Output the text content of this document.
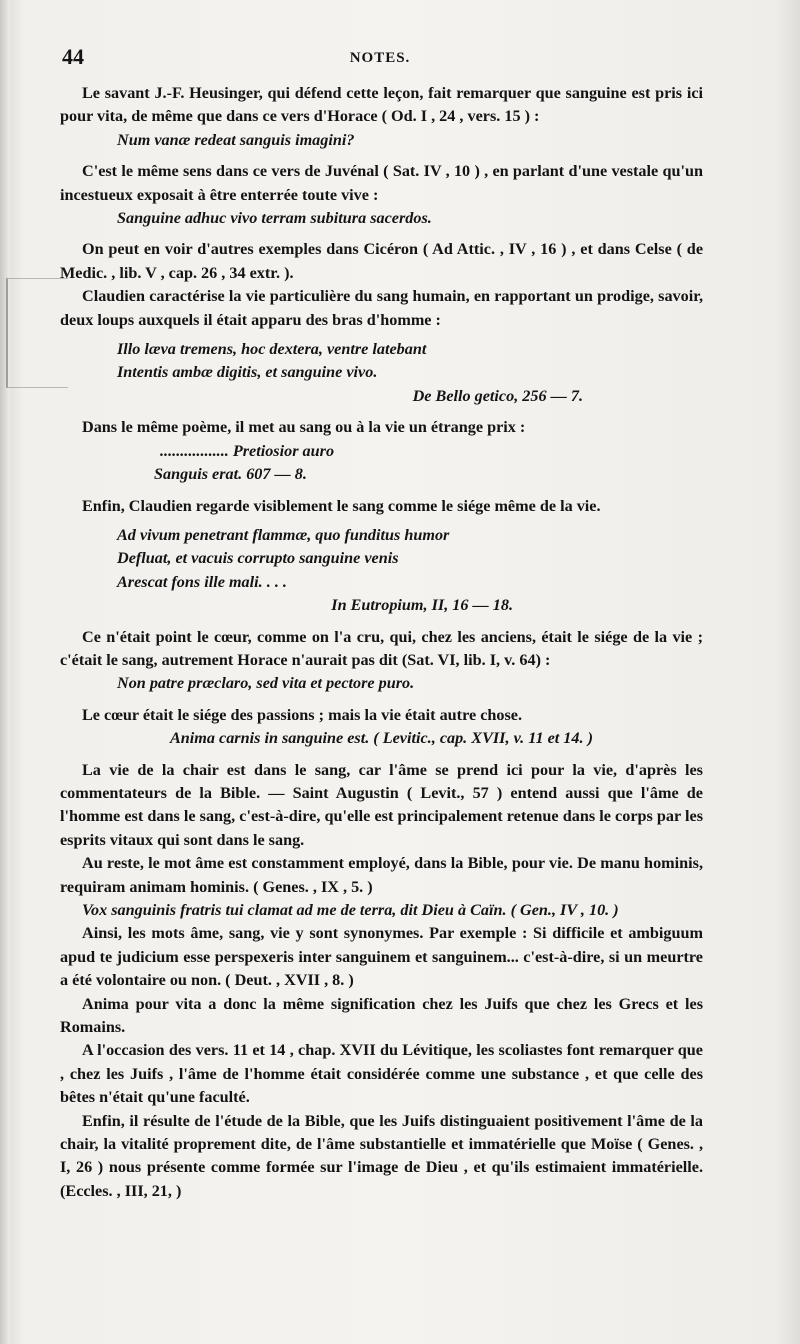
44	NOTES.

Le savant J.-F. Heusinger, qui défend cette leçon, fait remarquer que sanguine est pris ici pour vita, de même que dans ce vers d'Horace ( Od. I , 24 , vers. 15 ) :

Num vanæ redeat sanguis imagini?

C'est le même sens dans ce vers de Juvénal ( Sat. IV , 10 ) , en parlant d'une vestale qu'un incestueux exposait à être enterrée toute vive :

Sanguine adhuc vivo terram subitura sacerdos.

On peut en voir d'autres exemples dans Cicéron ( Ad Attic. , IV , 16 ) , et dans Celse ( de Medic. , lib. V , cap. 26 , 34 extr. ).

Claudien caractérise la vie particulière du sang humain, en rapportant un prodige, savoir, deux loups auxquels il était apparu des bras d'homme :

Illo læva tremens, hoc dextera, ventre latebant

Intentis ambæ digitis, et sanguine vivo.

De Bello getico, 256 — 7.

Dans le même poème, il met au sang ou à la vie un étrange prix :

................. Pretiosior auro

Sanguis erat. 607 — 8.

Enfin, Claudien regarde visiblement le sang comme le siége même de la vie.

Ad vivum penetrant flammæ, quo funditus humor

Defluat, et vacuis corrupto sanguine venis

Arescat fons ille mali. . . .

In Eutropium, II, 16 — 18.

Ce n'était point le cœur, comme on l'a cru, qui, chez les anciens, était le siége de la vie ; c'était le sang, autrement Horace n'aurait pas dit (Sat. VI, lib. I, v. 64) :

Non patre præclaro, sed vita et pectore puro.

Le cœur était le siége des passions ; mais la vie était autre chose.

Anima carnis in sanguine est. ( Levitic., cap. XVII, v. 11 et 14. )

La vie de la chair est dans le sang, car l'âme se prend ici pour la vie, d'après les commentateurs de la Bible. — Saint Augustin ( Levit., 57 ) entend aussi que l'âme de l'homme est dans le sang, c'est-à-dire, qu'elle est principalement retenue dans le corps par les esprits vitaux qui sont dans le sang.

Au reste, le mot âme est constamment employé, dans la Bible, pour vie. De manu hominis, requiram animam hominis. ( Genes. , IX , 5. )

Vox sanguinis fratris tui clamat ad me de terra, dit Dieu à Caïn. ( Gen., IV , 10. )

Ainsi, les mots âme, sang, vie y sont synonymes. Par exemple : Si difficile et ambiguum apud te judicium esse perspexeris inter sanguinem et sanguinem... c'est-à-dire, si un meurtre a été volontaire ou non. ( Deut. , XVII , 8. )

Anima pour vita a donc la même signification chez les Juifs que chez les Grecs et les Romains.

A l'occasion des vers. 11 et 14 , chap. XVII du Lévitique, les scoliastes font remarquer que , chez les Juifs , l'âme de l'homme était considérée comme une substance , et que celle des bêtes n'était qu'une faculté.

Enfin, il résulte de l'étude de la Bible, que les Juifs distinguaient positivement l'âme de la chair, la vitalité proprement dite, de l'âme substantielle et immatérielle que Moïse ( Genes. , I, 26 ) nous présente comme formée sur l'image de Dieu , et qu'ils estimaient immatérielle. (Eccles. , III, 21, )
